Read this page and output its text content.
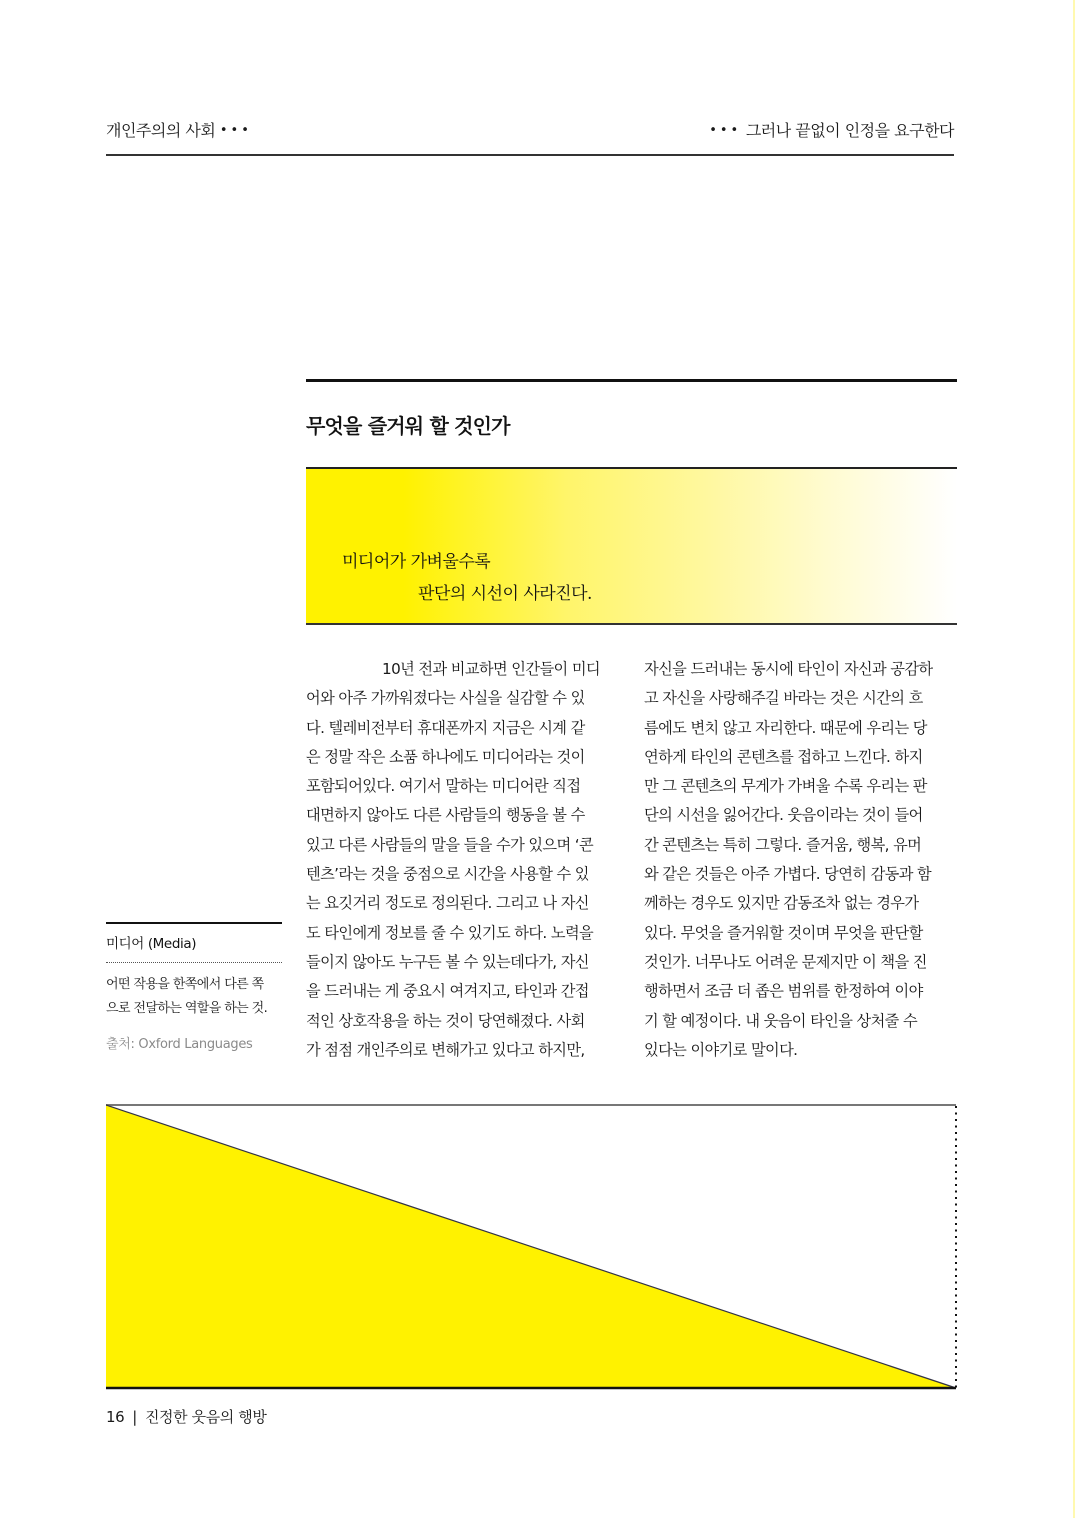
개인주의의 사회 •••	••• 그러나 끝없이 인정을 요구한다
무엇을 즐거워 할 것인가
미디어가 가벼울수록
판단의 시선이 사라진다.
10년 전과 비교하면 인간들이 미디
어와 아주 가까워졌다는 사실을 실감할 수 있
다. 텔레비전부터 휴대폰까지 지금은 시계 같
은 정말 작은 소품 하나에도 미디어라는 것이
포함되어있다. 여기서 말하는 미디어란 직접
대면하지 않아도 다른 사람들의 행동을 볼 수
있고 다른 사람들의 말을 들을 수가 있으며 ‘콘
텐츠’라는 것을 중점으로 시간을 사용할 수 있
는 요깃거리 정도로 정의된다. 그리고 나 자신
도 타인에게 정보를 줄 수 있기도 하다. 노력을
들이지 않아도 누구든 볼 수 있는데다가, 자신
을 드러내는 게 중요시 여겨지고, 타인과 간접
적인 상호작용을 하는 것이 당연해졌다. 사회
가 점점 개인주의로 변해가고 있다고 하지만,
자신을 드러내는 동시에 타인이 자신과 공감하
고 자신을 사랑해주길 바라는 것은 시간의 흐
름에도 변치 않고 자리한다. 때문에 우리는 당
연하게 타인의 콘텐츠를 접하고 느낀다. 하지
만 그 콘텐츠의 무게가 가벼울 수록 우리는 판
단의 시선을 잃어간다. 웃음이라는 것이 들어
간 콘텐츠는 특히 그렇다. 즐거움, 행복, 유머
와 같은 것들은 아주 가볍다. 당연히 감동과 함
께하는 경우도 있지만 감동조차 없는 경우가
있다. 무엇을 즐거워할 것이며 무엇을 판단할
것인가. 너무나도 어려운 문제지만 이 책을 진
행하면서 조금 더 좁은 범위를 한정하여 이야
기 할 예정이다. 내 웃음이 타인을 상처줄 수
있다는 이야기로 말이다.
미디어 (Media)
어떤 작용을 한쪽에서 다른 쪽
으로 전달하는 역할을 하는 것.
출처: Oxford Languages
16 | 진정한 웃음의 행방
